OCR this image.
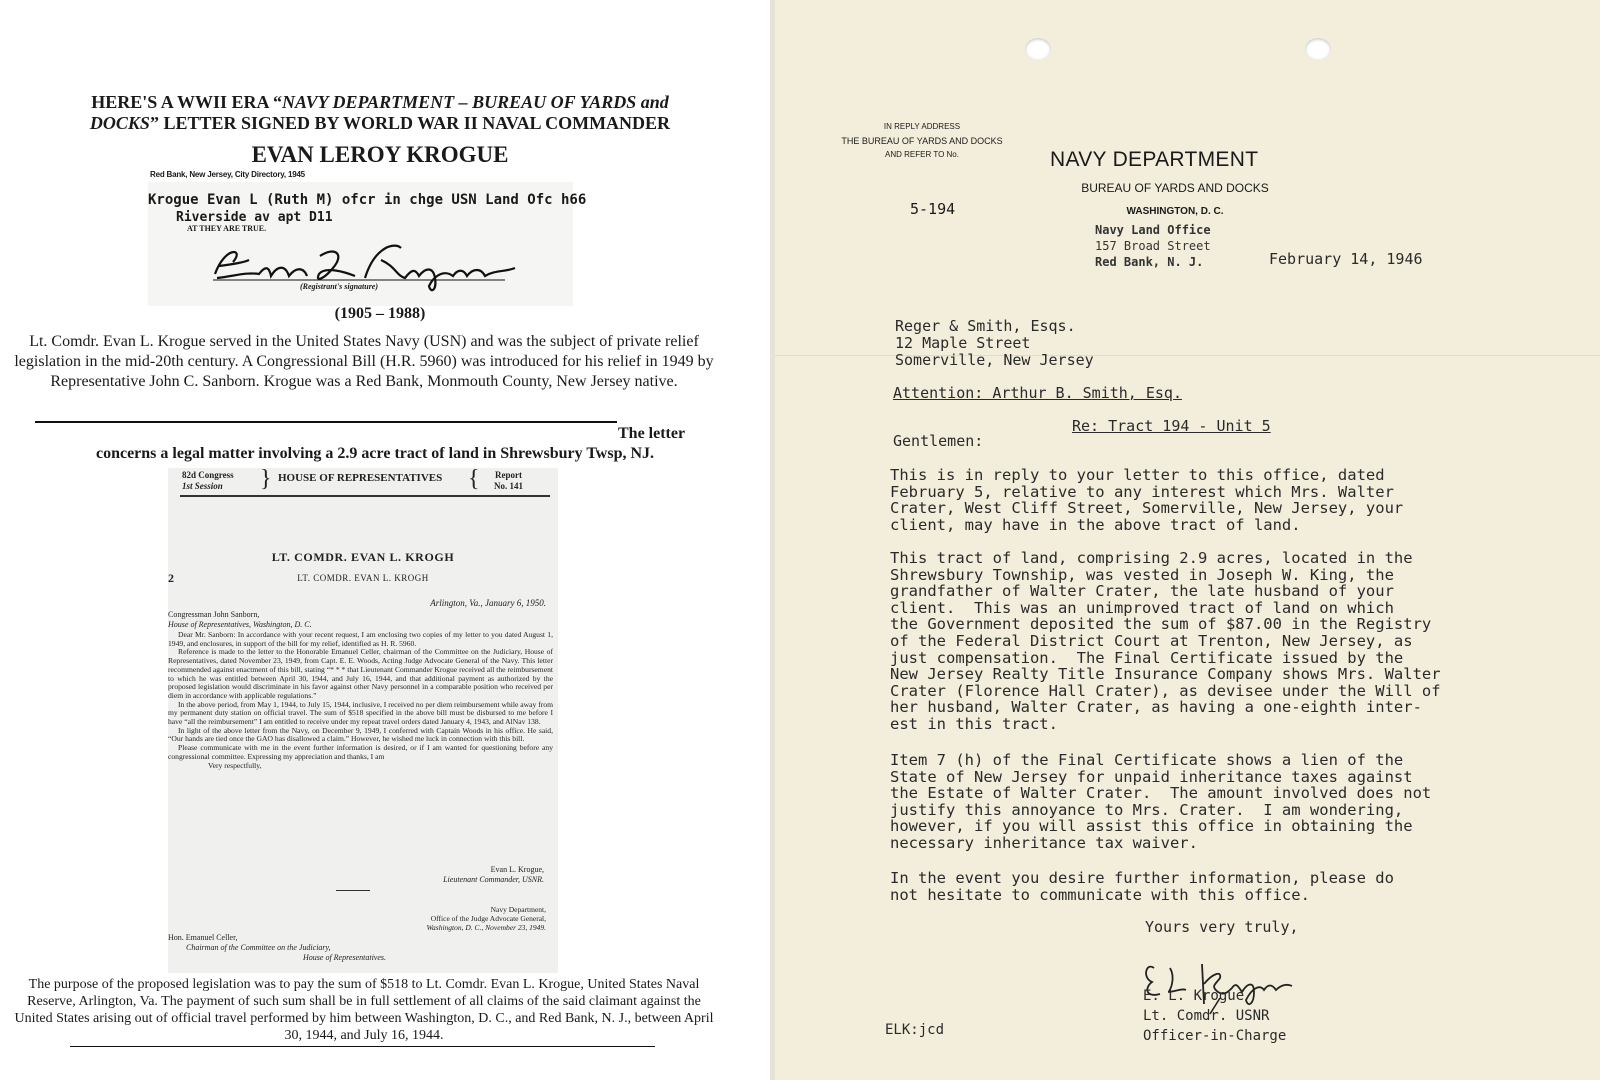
HERE'S A WWII ERA “NAVY DEPARTMENT – BUREAU OF YARDS and
DOCKS” LETTER SIGNED BY WORLD WAR II NAVAL COMMANDER
EVAN LEROY KROGUE
Red Bank, New Jersey, City Directory, 1945
Krogue Evan L (Ruth M) ofcr in chge USN Land Ofc h66
Riverside av apt D11
AT THEY ARE TRUE.
(Registrant's signature)
(1905 – 1988)
Lt. Comdr. Evan L. Krogue served in the United States Navy (USN) and was the subject of private relief legislation in the mid-20th century. A Congressional Bill (H.R. 5960) was introduced for his relief in 1949 by Representative John C. Sanborn. Krogue was a Red Bank, Monmouth County, New Jersey native.
The letter
concerns a legal matter involving a 2.9 acre tract of land in Shrewsbury Twsp, NJ.
82d Congress
1st Session	} HOUSE OF REPRESENTATIVES { Report
No. 141
LT. COMDR. EVAN L. KROGH
2	LT. COMDR. EVAN L. KROGH
Arlington, Va., January 6, 1950.
Congressman John Sanborn,
House of Representatives, Washington, D. C.

Dear Mr. Sanborn: In accordance with your recent request, I am enclosing two copies of my letter to you dated August 1, 1949, and enclosures, in support of the bill for my relief, identified as H. R. 5960.

Reference is made to the letter to the Honorable Emanuel Celler, chairman of the Committee on the Judiciary, House of Representatives, dated November 23, 1949, from Capt. E. E. Woods, Acting Judge Advocate General of the Navy. This letter recommended against enactment of this bill, stating “* * * that Lieutenant Commander Krogue received all the reimbursement to which he was entitled between April 30, 1944, and July 16, 1944, and that additional payment as authorized by the proposed legislation would discriminate in his favor against other Navy personnel in a comparable position who received per diem in accordance with applicable regulations.”

In the above period, from May 1, 1944, to July 15, 1944, inclusive, I received no per diem reimbursement while away from my permanent duty station on official travel. The sum of $518 specified in the above bill must be disbursed to me before I have “all the reimbursement” I am entitled to receive under my repeat travel orders dated January 4, 1943, and AlNav 138.

In light of the above letter from the Navy, on December 9, 1949, I conferred with Captain Woods in his office. He said, “Our hands are tied once the GAO has disallowed a claim.” However, he wished me luck in connection with this bill.

Please communicate with me in the event further information is desired, or if I am wanted for questioning before any congressional committee. Expressing my appreciation and thanks, I am

Very respectfully,

Evan L. Krogue,
Lieutenant Commander, USNR.
Navy Department,
Office of the Judge Advocate General,
Washington, D. C., November 23, 1949.
Hon. Emanuel Celler,
Chairman of the Committee on the Judiciary,
House of Representatives.
The purpose of the proposed legislation was to pay the sum of $518 to Lt. Comdr. Evan L. Krogue, United States Naval Reserve, Arlington, Va. The payment of such sum shall be in full settlement of all claims of the said claimant against the United States arising out of official travel performed by him between Washington, D. C., and Red Bank, N. J., between April 30, 1944, and July 16, 1944.
IN REPLY ADDRESS
THE BUREAU OF YARDS AND DOCKS
AND REFER TO No.	NAVY DEPARTMENT
BUREAU OF YARDS AND DOCKS
WASHINGTON, D. C.
5-194
Navy Land Office
157 Broad Street
Red Bank, N. J.	February 14, 1946
Reger & Smith, Esqs.
12 Maple Street
Somerville, New Jersey
Attention: Arthur B. Smith, Esq.
Re: Tract 194 - Unit 5
Gentlemen:
This is in reply to your letter to this office, dated
February 5, relative to any interest which Mrs. Walter
Crater, West Cliff Street, Somerville, New Jersey, your
client, may have in the above tract of land.
This tract of land, comprising 2.9 acres, located in the
Shrewsbury Township, was vested in Joseph W. King, the
grandfather of Walter Crater, the late husband of your
client.  This was an unimproved tract of land on which
the Government deposited the sum of $87.00 in the Registry
of the Federal District Court at Trenton, New Jersey, as
just compensation.  The Final Certificate issued by the
New Jersey Realty Title Insurance Company shows Mrs. Walter
Crater (Florence Hall Crater), as devisee under the Will of
her husband, Walter Crater, as having a one-eighth inter-
est in this tract.
Item 7 (h) of the Final Certificate shows a lien of the
State of New Jersey for unpaid inheritance taxes against
the Estate of Walter Crater.  The amount involved does not
justify this annoyance to Mrs. Crater.  I am wondering,
however, if you will assist this office in obtaining the
necessary inheritance tax waiver.
In the event you desire further information, please do
not hesitate to communicate with this office.
Yours very truly,
E. L. Krogue
Lt. Comdr. USNR
Officer-in-Charge
ELK:jcd
